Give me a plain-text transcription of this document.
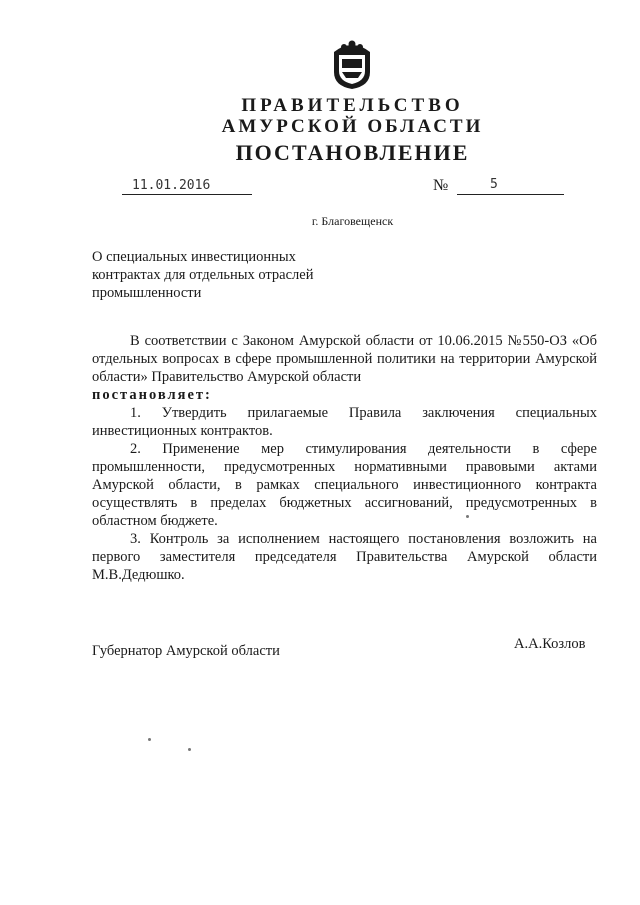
ПРАВИТЕЛЬСТВО
АМУРСКОЙ ОБЛАСТИ
ПОСТАНОВЛЕНИЕ
11.01.2016	№	5
г. Благовещенск
О специальных инвестиционных
контрактах для отдельных отраслей
промышленности

В соответствии с Законом Амурской области от 10.06.2015 №550-ОЗ «Об отдельных вопросах в сфере промышленной политики на территории Амурской области» Правительство Амурской области

постановляет:

1. Утвердить прилагаемые Правила заключения специальных инвестиционных контрактов.

2. Применение мер стимулирования деятельности в сфере промышленности, предусмотренных нормативными правовыми актами Амурской области, в рамках специального инвестиционного контракта осуществлять в пределах бюджетных ассигнований, предусмотренных в областном бюджете.

3. Контроль за исполнением настоящего постановления возложить на первого заместителя председателя Правительства Амурской области М.В.Дедюшко.

Губернатор Амурской области	А.А.Козлов
